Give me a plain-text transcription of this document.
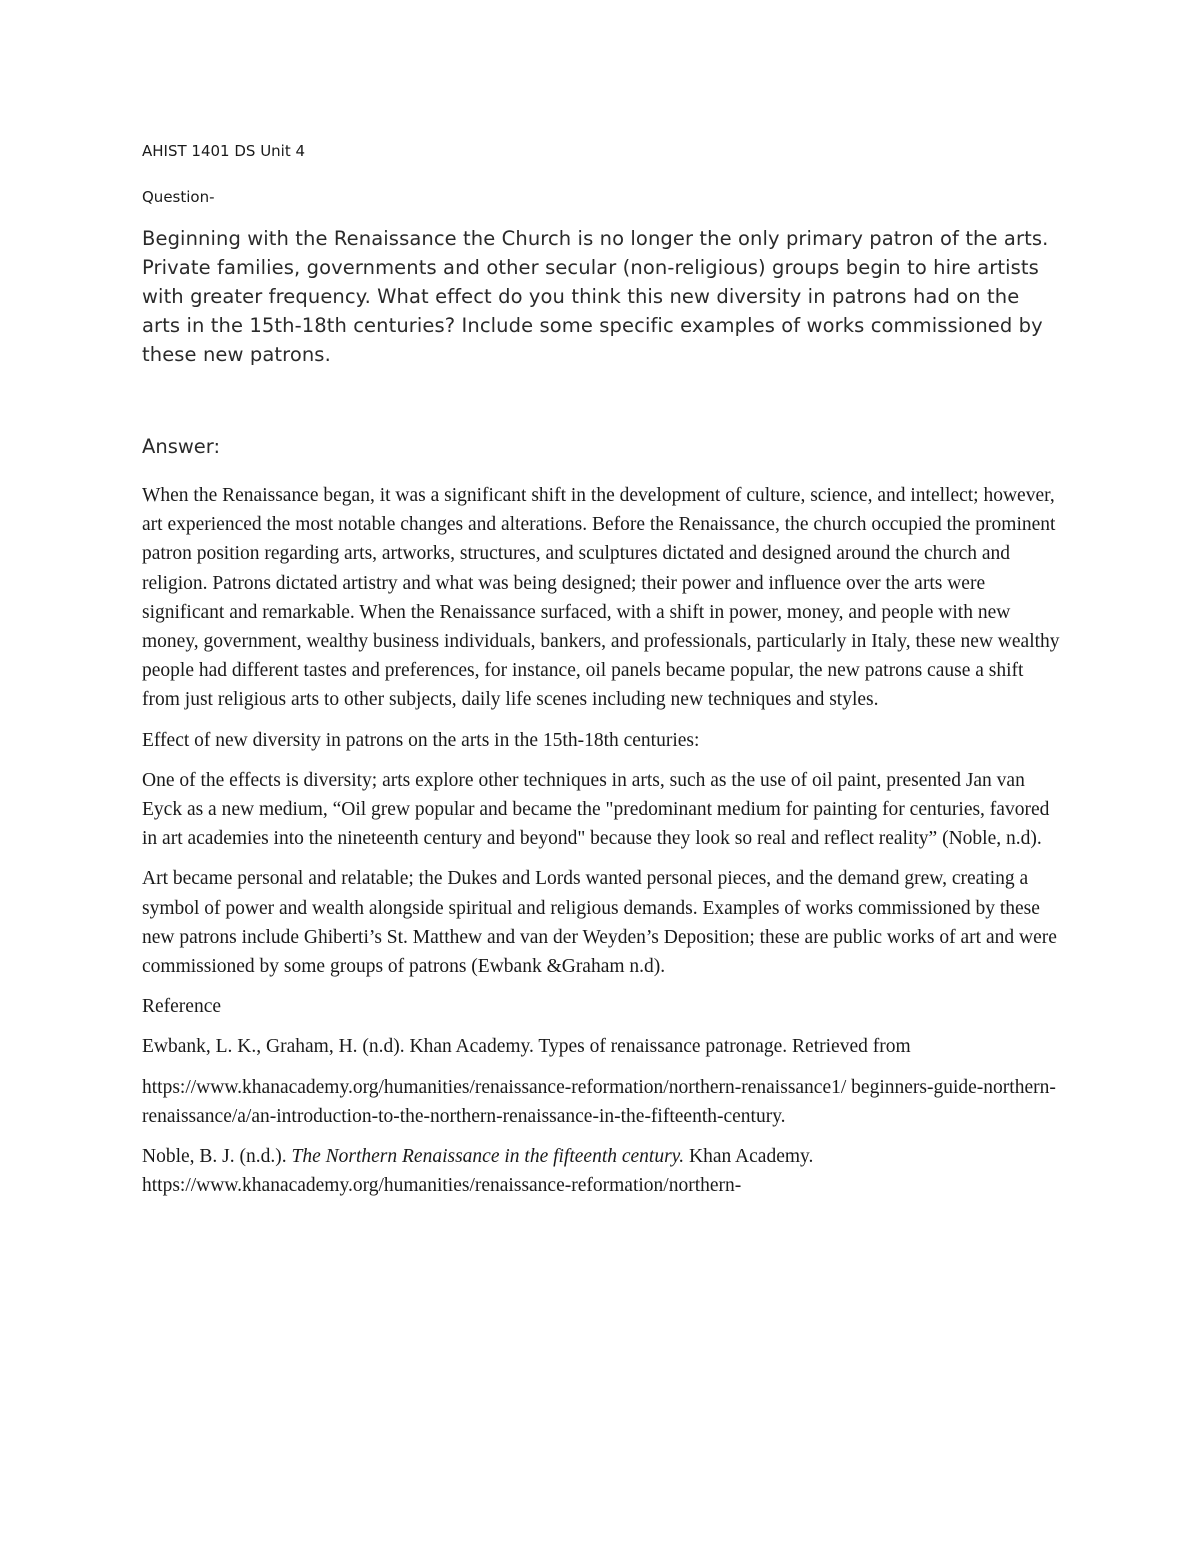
AHIST 1401 DS Unit 4

Question-

Beginning with the Renaissance the Church is no longer the only primary patron of the arts. Private families, governments and other secular (non-religious) groups begin to hire artists with greater frequency. What effect do you think this new diversity in patrons had on the arts in the 15th-18th centuries? Include some specific examples of works commissioned by these new patrons.

Answer:

When the Renaissance began, it was a significant shift in the development of culture, science, and intellect; however, art experienced the most notable changes and alterations. Before the Renaissance, the church occupied the prominent patron position regarding arts, artworks, structures, and sculptures dictated and designed around the church and religion. Patrons dictated artistry and what was being designed; their power and influence over the arts were significant and remarkable. When the Renaissance surfaced, with a shift in power, money, and people with new money, government, wealthy business individuals, bankers, and professionals, particularly in Italy, these new wealthy people had different tastes and preferences, for instance, oil panels became popular, the new patrons cause a shift from just religious arts to other subjects, daily life scenes including new techniques and styles.

Effect of new diversity in patrons on the arts in the 15th-18th centuries:

One of the effects is diversity; arts explore other techniques in arts, such as the use of oil paint, presented Jan van Eyck as a new medium, “Oil grew popular and became the "predominant medium for painting for centuries, favored in art academies into the nineteenth century and beyond" because they look so real and reflect reality” (Noble, n.d).

Art became personal and relatable; the Dukes and Lords wanted personal pieces, and the demand grew, creating a symbol of power and wealth alongside spiritual and religious demands. Examples of works commissioned by these new patrons include Ghiberti’s St. Matthew and van der Weyden’s Deposition; these are public works of art and were commissioned by some groups of patrons (Ewbank &Graham n.d).

Reference

Ewbank, L. K., Graham, H. (n.d). Khan Academy. Types of renaissance patronage. Retrieved from

https://www.khanacademy.org/humanities/renaissance-reformation/northern-renaissance1/ beginners-guide-northern-renaissance/a/an-introduction-to-the-northern-renaissance-in-the-fifteenth-century.

Noble, B. J. (n.d.). The Northern Renaissance in the fifteenth century. Khan Academy. https://www.khanacademy.org/humanities/renaissance-reformation/northern-
